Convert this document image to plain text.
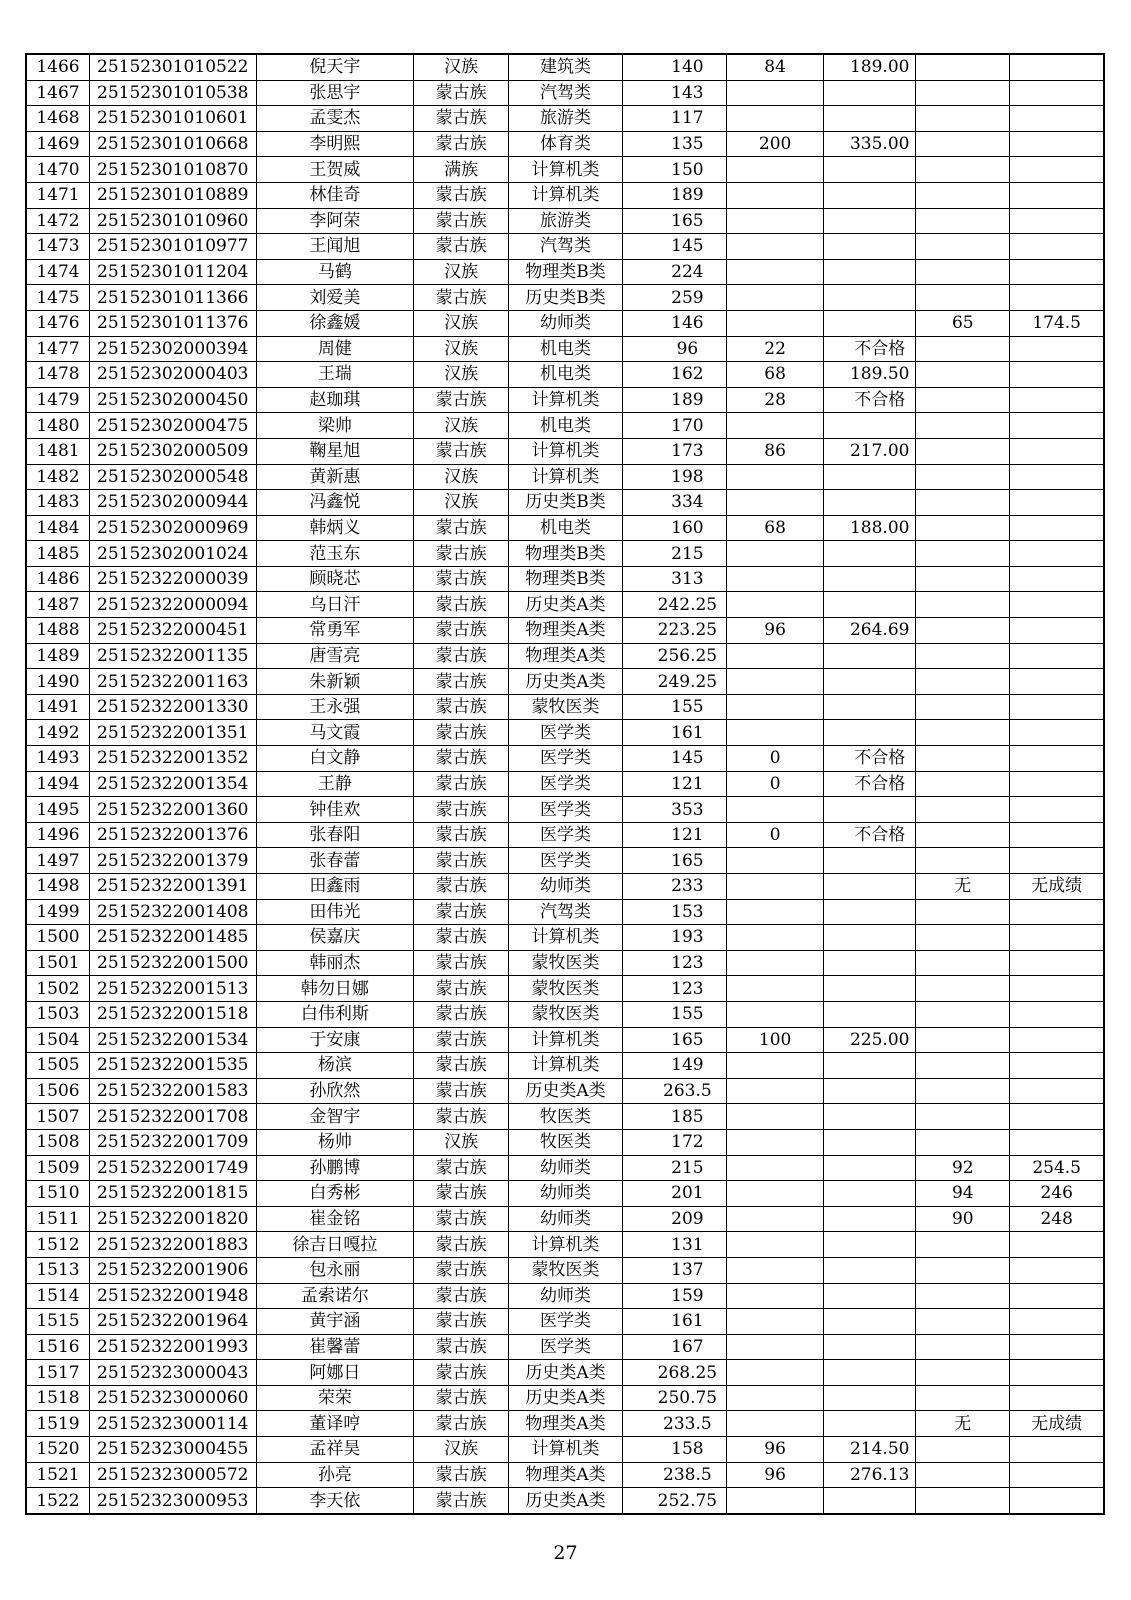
1466	25152301010522	倪天宇	汉族	建筑类	140	84	189.00		
1467	25152301010538	张思宇	蒙古族	汽驾类	143				
1468	25152301010601	孟雯杰	蒙古族	旅游类	117				
1469	25152301010668	李明熙	蒙古族	体育类	135	200	335.00		
1470	25152301010870	王贺威	满族	计算机类	150				
1471	25152301010889	林佳奇	蒙古族	计算机类	189				
1472	25152301010960	李阿荣	蒙古族	旅游类	165				
1473	25152301010977	王闻旭	蒙古族	汽驾类	145				
1474	25152301011204	马鹤	汉族	物理类B类	224				
1475	25152301011366	刘爱美	蒙古族	历史类B类	259				
1476	25152301011376	徐鑫媛	汉族	幼师类	146			65	174.5
1477	25152302000394	周健	汉族	机电类	96	22	不合格		
1478	25152302000403	王瑞	汉族	机电类	162	68	189.50		
1479	25152302000450	赵珈琪	蒙古族	计算机类	189	28	不合格		
1480	25152302000475	梁帅	汉族	机电类	170				
1481	25152302000509	鞠星旭	蒙古族	计算机类	173	86	217.00		
1482	25152302000548	黄新惠	汉族	计算机类	198				
1483	25152302000944	冯鑫悦	汉族	历史类B类	334				
1484	25152302000969	韩炳义	蒙古族	机电类	160	68	188.00		
1485	25152302001024	范玉东	蒙古族	物理类B类	215				
1486	25152322000039	顾晓芯	蒙古族	物理类B类	313				
1487	25152322000094	乌日汗	蒙古族	历史类A类	242.25				
1488	25152322000451	常勇军	蒙古族	物理类A类	223.25	96	264.69		
1489	25152322001135	唐雪亮	蒙古族	物理类A类	256.25				
1490	25152322001163	朱新颖	蒙古族	历史类A类	249.25				
1491	25152322001330	王永强	蒙古族	蒙牧医类	155				
1492	25152322001351	马文霞	蒙古族	医学类	161				
1493	25152322001352	白文静	蒙古族	医学类	145	0	不合格		
1494	25152322001354	王静	蒙古族	医学类	121	0	不合格		
1495	25152322001360	钟佳欢	蒙古族	医学类	353				
1496	25152322001376	张春阳	蒙古族	医学类	121	0	不合格		
1497	25152322001379	张春蕾	蒙古族	医学类	165				
1498	25152322001391	田鑫雨	蒙古族	幼师类	233			无	无成绩
1499	25152322001408	田伟光	蒙古族	汽驾类	153				
1500	25152322001485	侯嘉庆	蒙古族	计算机类	193				
1501	25152322001500	韩丽杰	蒙古族	蒙牧医类	123				
1502	25152322001513	韩勿日娜	蒙古族	蒙牧医类	123				
1503	25152322001518	白伟利斯	蒙古族	蒙牧医类	155				
1504	25152322001534	于安康	蒙古族	计算机类	165	100	225.00		
1505	25152322001535	杨滨	蒙古族	计算机类	149				
1506	25152322001583	孙欣然	蒙古族	历史类A类	263.5				
1507	25152322001708	金智宇	蒙古族	牧医类	185				
1508	25152322001709	杨帅	汉族	牧医类	172				
1509	25152322001749	孙鹏博	蒙古族	幼师类	215			92	254.5
1510	25152322001815	白秀彬	蒙古族	幼师类	201			94	246
1511	25152322001820	崔金铭	蒙古族	幼师类	209			90	248
1512	25152322001883	徐吉日嘎拉	蒙古族	计算机类	131				
1513	25152322001906	包永丽	蒙古族	蒙牧医类	137				
1514	25152322001948	孟索诺尔	蒙古族	幼师类	159				
1515	25152322001964	黄宇涵	蒙古族	医学类	161				
1516	25152322001993	崔馨蕾	蒙古族	医学类	167				
1517	25152323000043	阿娜日	蒙古族	历史类A类	268.25				
1518	25152323000060	荣荣	蒙古族	历史类A类	250.75				
1519	25152323000114	董译哼	蒙古族	物理类A类	233.5			无	无成绩
1520	25152323000455	孟祥昊	汉族	计算机类	158	96	214.50		
1521	25152323000572	孙亮	蒙古族	物理类A类	238.5	96	276.13		
1522	25152323000953	李天依	蒙古族	历史类A类	252.75				
27
